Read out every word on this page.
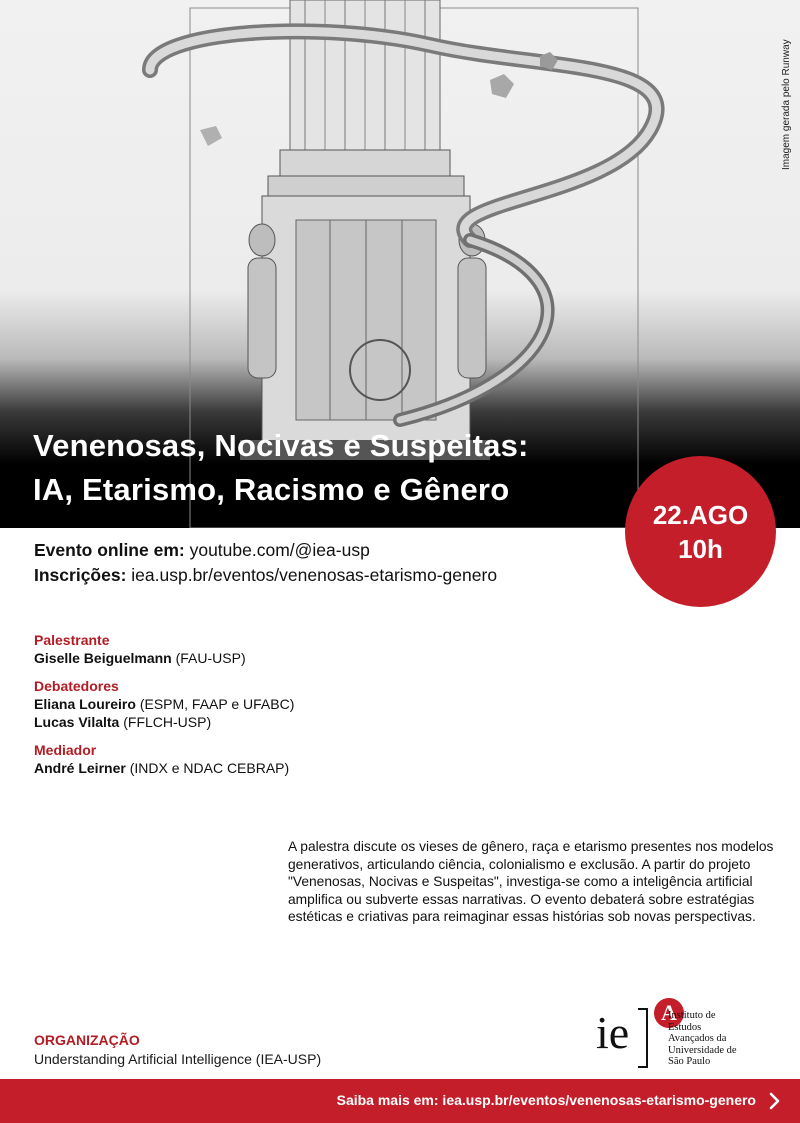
Imagem gerada pelo Runway
Venenosas, Nocivas e Suspeitas:
IA, Etarismo, Racismo e Gênero
22.AGO
10h
Evento online em: youtube.com/@iea-usp
Inscrições: iea.usp.br/eventos/venenosas-etarismo-genero
Palestrante
Giselle Beiguelmann (FAU-USP)
Debatedores
Eliana Loureiro (ESPM, FAAP e UFABC)
Lucas Vilalta (FFLCH-USP)
Mediador
André Leirner (INDX e NDAC CEBRAP)

A palestra discute os vieses de gênero, raça e etarismo presentes nos modelos generativos, articulando ciência, colonialismo e exclusão. A partir do projeto "Venenosas, Nocivas e Suspeitas", investiga-se como a inteligência artificial amplifica ou subverte essas narrativas. O evento debaterá sobre estratégias estéticas e criativas para reimaginar essas histórias sob novas perspectivas.

ORGANIZAÇÃO
Understanding Artificial Intelligence (IEA-USP)
ie	A
Instituto de
Estudos
Avançados da
Universidade de
São Paulo
Saiba mais em: iea.usp.br/eventos/venenosas-etarismo-genero
